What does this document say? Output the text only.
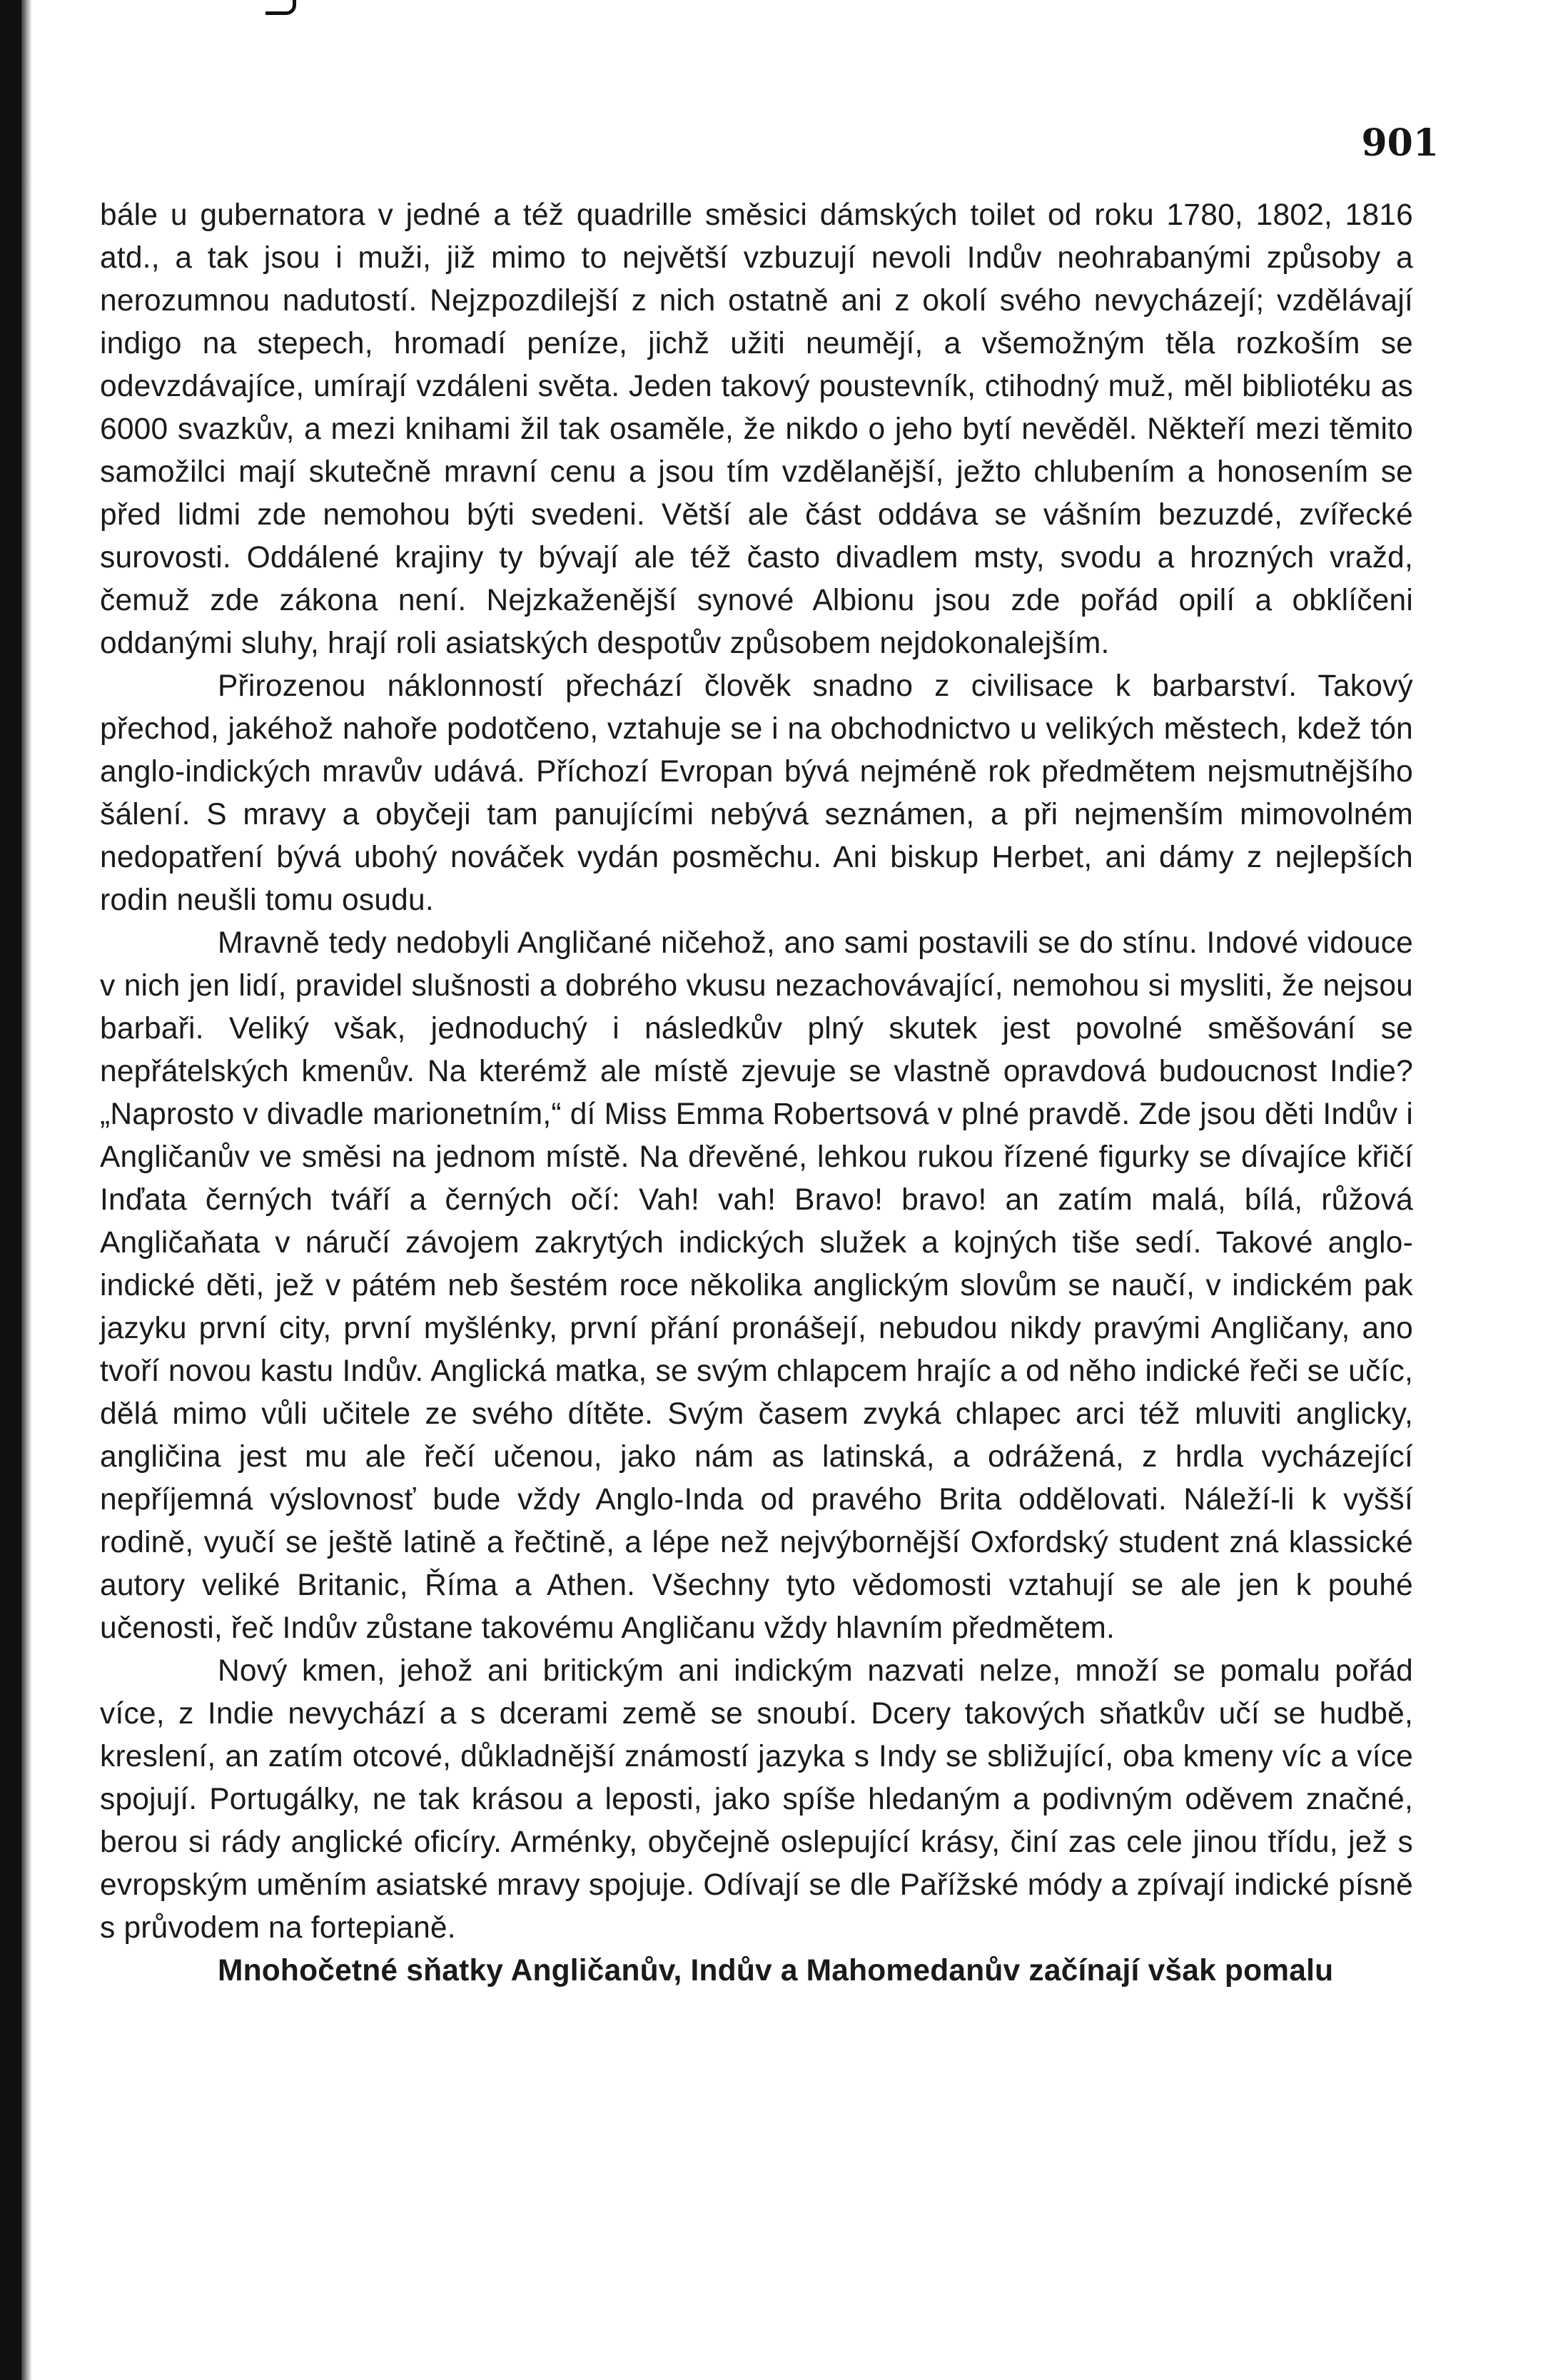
901

bále u gubernatora v jedné a též quadrille směsici dámských toilet od roku 1780, 1802, 1816 atd., a tak jsou i muži, již mimo to největší vzbuzují nevoli Indův neohrabanými způsoby a nerozumnou nadutostí. Nejzpozdilejší z nich ostatně ani z okolí svého nevycházejí; vzdělávají indigo na stepech, hromadí peníze, jichž užiti neumějí, a všemožným těla rozkoším se odevzdávajíce, umírají vzdáleni světa. Jeden takový poustevník, ctihodný muž, měl bibliotéku as 6000 svazkův, a mezi knihami žil tak osaměle, že nikdo o jeho bytí nevěděl. Někteří mezi těmito samožilci mají skutečně mravní cenu a jsou tím vzdělanější, ježto chlubením a honosením se před lidmi zde nemohou býti svedeni. Větší ale část oddáva se vášním bezuzdé, zvířecké surovosti. Oddálené krajiny ty bývají ale též často divadlem msty, svodu a hrozných vražd, čemuž zde zákona není. Nejzkaženější synové Albionu jsou zde pořád opilí a obklíčeni oddanými sluhy, hrají roli asiatských despotův způsobem nejdokonalejším.

Přirozenou náklonností přechází člověk snadno z civilisace k barbarství. Takový přechod, jakéhož nahoře podotčeno, vztahuje se i na obchodnictvo u velikých městech, kdež tón anglo-indických mravův udává. Příchozí Evropan bývá nejméně rok předmětem nejsmutnějšího šálení. S mravy a obyčeji tam panujícími nebývá seznámen, a při nejmenším mimovolném nedopatření bývá ubohý nováček vydán posměchu. Ani biskup Herbet, ani dámy z nejlepších rodin neušli tomu osudu.

Mravně tedy nedobyli Angličané ničehož, ano sami postavili se do stínu. Indové vidouce v nich jen lidí, pravidel slušnosti a dobrého vkusu nezachovávající, nemohou si mysliti, že nejsou barbaři. Veliký však, jednoduchý i následkův plný skutek jest povolné směšování se nepřátelských kmenův. Na kterémž ale místě zjevuje se vlastně opravdová budoucnost Indie? „Naprosto v divadle marionetním,“ dí Miss Emma Robertsová v plné pravdě. Zde jsou děti Indův i Angličanův ve směsi na jednom místě. Na dřevěné, lehkou rukou řízené figurky se dívajíce křičí Inďata černých tváří a černých očí: Vah! vah! Bravo! bravo! an zatím malá, bílá, růžová Angličaňata v náručí závojem zakrytých indických služek a kojných tiše sedí. Takové anglo-indické děti, jež v pátém neb šestém roce několika anglickým slovům se naučí, v indickém pak jazyku první city, první myšlénky, první přání pronášejí, nebudou nikdy pravými Angličany, ano tvoří novou kastu Indův. Anglická matka, se svým chlapcem hrajíc a od něho indické řeči se učíc, dělá mimo vůli učitele ze svého dítěte. Svým časem zvyká chlapec arci též mluviti anglicky, angličina jest mu ale řečí učenou, jako nám as latinská, a odrážená, z hrdla vycházející nepříjemná výslovnosť bude vždy Anglo-Inda od pravého Brita oddělovati. Náleží-li k vyšší rodině, vyučí se ještě latině a řečtině, a lépe než nejvýbornější Oxfordský student zná klassické autory veliké Britanic, Říma a Athen. Všechny tyto vědomosti vztahují se ale jen k pouhé učenosti, řeč Indův zůstane takovému Angličanu vždy hlavním předmětem.

Nový kmen, jehož ani britickým ani indickým nazvati nelze, množí se pomalu pořád více, z Indie nevychází a s dcerami země se snoubí. Dcery takových sňatkův učí se hudbě, kreslení, an zatím otcové, důkladnější známostí jazyka s Indy se sbližující, oba kmeny víc a více spojují. Portugálky, ne tak krásou a leposti, jako spíše hledaným a podivným oděvem značné, berou si rády anglické oficíry. Arménky, obyčejně oslepující krásy, činí zas cele jinou třídu, jež s evropským uměním asiatské mravy spojuje. Odívají se dle Pařížské módy a zpívají indické písně s průvodem na fortepianě.

Mnohočetné sňatky Angličanův, Indův a Mahomedanův začínají však pomalu
